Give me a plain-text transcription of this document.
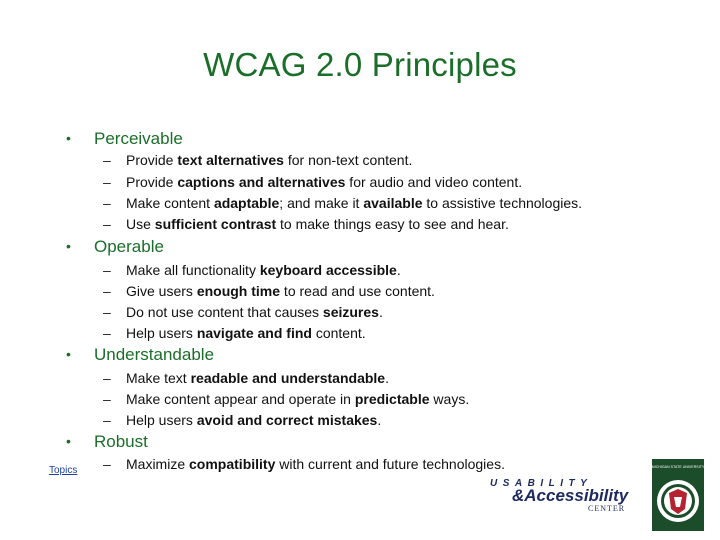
WCAG 2.0 Principles
• Perceivable
– Provide text alternatives for non-text content.
– Provide captions and alternatives for audio and video content.
– Make content adaptable; and make it available to assistive technologies.
– Use sufficient contrast to make things easy to see and hear.
• Operable
– Make all functionality keyboard accessible.
– Give users enough time to read and use content.
– Do not use content that causes seizures.
– Help users navigate and find content.
• Understandable
– Make text readable and understandable.
– Make content appear and operate in predictable ways.
– Help users avoid and correct mistakes.
• Robust
– Maximize compatibility with current and future technologies.
Topics
USABILITY
&Accessibility
CENTER
MICHIGAN STATE UNIVERSITY
